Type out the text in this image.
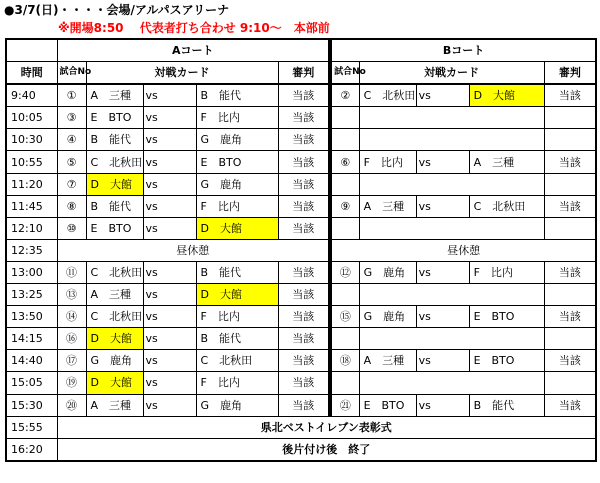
●3/7(日)・・・・会場/アルパスアリーナ
※開場8:50　 代表者打ち合わせ 9:10～　本部前
	Aコート						Bコート				
時間	試合No	対戦カード			審判		試合No	対戦カード			審判
9:40	①	A　三種	vs	B　能代	当該		②	C　北秋田	vs	D　大館	当該
10:05	③	E　BTO	vs	F　比内	当該						
10:30	④	B　能代	vs	G　鹿角	当該						
10:55	⑤	C　北秋田	vs	E　BTO	当該		⑥	F　比内	vs	A　三種	当該
11:20	⑦	D　大館	vs	G　鹿角	当該						
11:45	⑧	B　能代	vs	F　比内	当該		⑨	A　三種	vs	C　北秋田	当該
12:10	⑩	E　BTO	vs	D　大館	当該						
12:35	昼休憩						昼休憩				
13:00	⑪	C　北秋田	vs	B　能代	当該		⑫	G　鹿角	vs	F　比内	当該
13:25	⑬	A　三種	vs	D　大館	当該						
13:50	⑭	C　北秋田	vs	F　比内	当該		⑮	G　鹿角	vs	E　BTO	当該
14:15	⑯	D　大館	vs	B　能代	当該						
14:40	⑰	G　鹿角	vs	C　北秋田	当該		⑱	A　三種	vs	E　BTO	当該
15:05	⑲	D　大館	vs	F　比内	当該						
15:30	⑳	A　三種	vs	G　鹿角	当該		㉑	E　BTO	vs	B　能代	当該
15:55	県北ベストイレブン表彰式										
16:20	後片付け後　終了										
